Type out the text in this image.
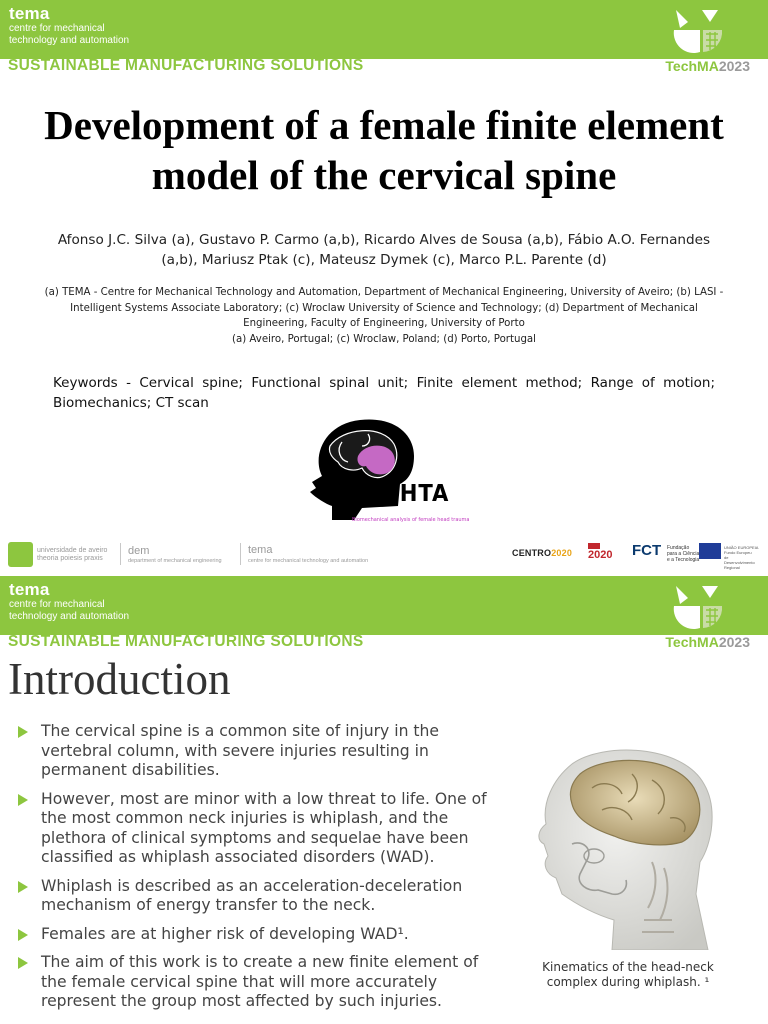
tema
centre for mechanical
technology and automation
SUSTAINABLE MANUFACTURING SOLUTIONS	TechMA2023
Development of a female finite element model of the cervical spine
Afonso J.C. Silva (a), Gustavo P. Carmo (a,b), Ricardo Alves de Sousa (a,b), Fábio A.O. Fernandes (a,b), Mariusz Ptak (c), Mateusz Dymek (c), Marco P.L. Parente (d)
(a) TEMA - Centre for Mechanical Technology and Automation, Department of Mechanical Engineering, University of Aveiro; (b) LASI - Intelligent Systems Associate Laboratory; (c) Wroclaw University of Science and Technology; (d) Department of Mechanical Engineering, Faculty of Engineering, University of Porto
(a) Aveiro, Portugal; (c) Wroclaw, Poland; (d) Porto, Portugal
Keywords - Cervical spine; Functional spinal unit; Finite element method; Range of motion; Biomechanics; CT scan
BAFHTA
Biomechanical analysis of female head trauma
universidade de aveiro
theoria poiesis praxis
dem
department of mechanical engineering
tema
centre for mechanical technology and automation
CENTRO2020 2020 FCT Fundação
para a Ciência
e a Tecnologia
UNIÃO EUROPEIA
Fundo Europeu
de Desenvolvimento Regional
tema
centre for mechanical
technology and automation
SUSTAINABLE MANUFACTURING SOLUTIONS	TechMA2023
Introduction
The cervical spine is a common site of injury in the vertebral column, with severe injuries resulting in permanent disabilities.
However, most are minor with a low threat to life. One of the most common neck injuries is whiplash, and the plethora of clinical symptoms and sequelae have been classified as whiplash associated disorders (WAD).
Whiplash is described as an acceleration-deceleration mechanism of energy transfer to the neck.
Females are at higher risk of developing WAD¹.
The aim of this work is to create a new finite element of the female cervical spine that will more accurately represent the group most affected by such injuries.
Kinematics of the head-neck complex during whiplash. ¹
